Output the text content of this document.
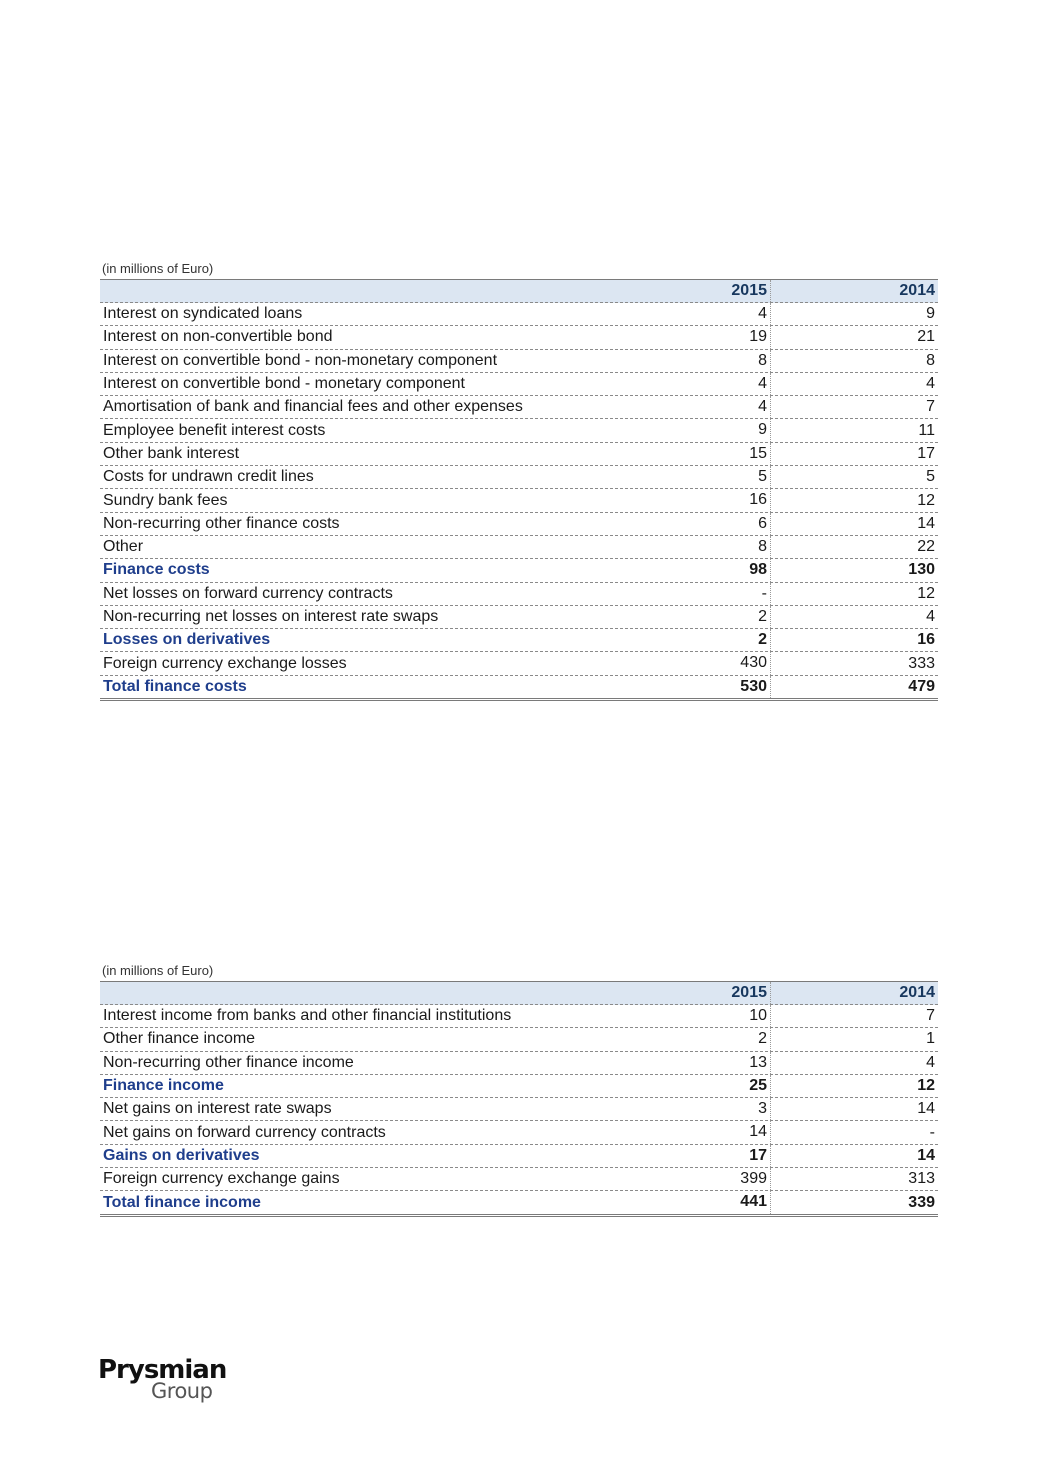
(in millions of Euro)
2015	2014
Interest on syndicated loans	4	9
Interest on non-convertible bond	19	21
Interest on convertible bond - non-monetary component	8	8
Interest on convertible bond - monetary component	4	4
Amortisation of bank and financial fees and other expenses	4	7
Employee benefit interest costs	9	11
Other bank interest	15	17
Costs for undrawn credit lines	5	5
Sundry bank fees	16	12
Non-recurring other finance costs	6	14
Other	8	22
Finance costs	98	130
Net losses on forward currency contracts	-	12
Non-recurring net losses on interest rate swaps	2	4
Losses on derivatives	2	16
Foreign currency exchange losses	430	333
Total finance costs	530	479
(in millions of Euro)
2015	2014
Interest income from banks and other financial institutions	10	7
Other finance income	2	1
Non-recurring other finance income	13	4
Finance income	25	12
Net gains on interest rate swaps	3	14
Net gains on forward currency contracts	14	-
Gains on derivatives	17	14
Foreign currency exchange gains	399	313
Total finance income	441	339
Prysmian
Group
